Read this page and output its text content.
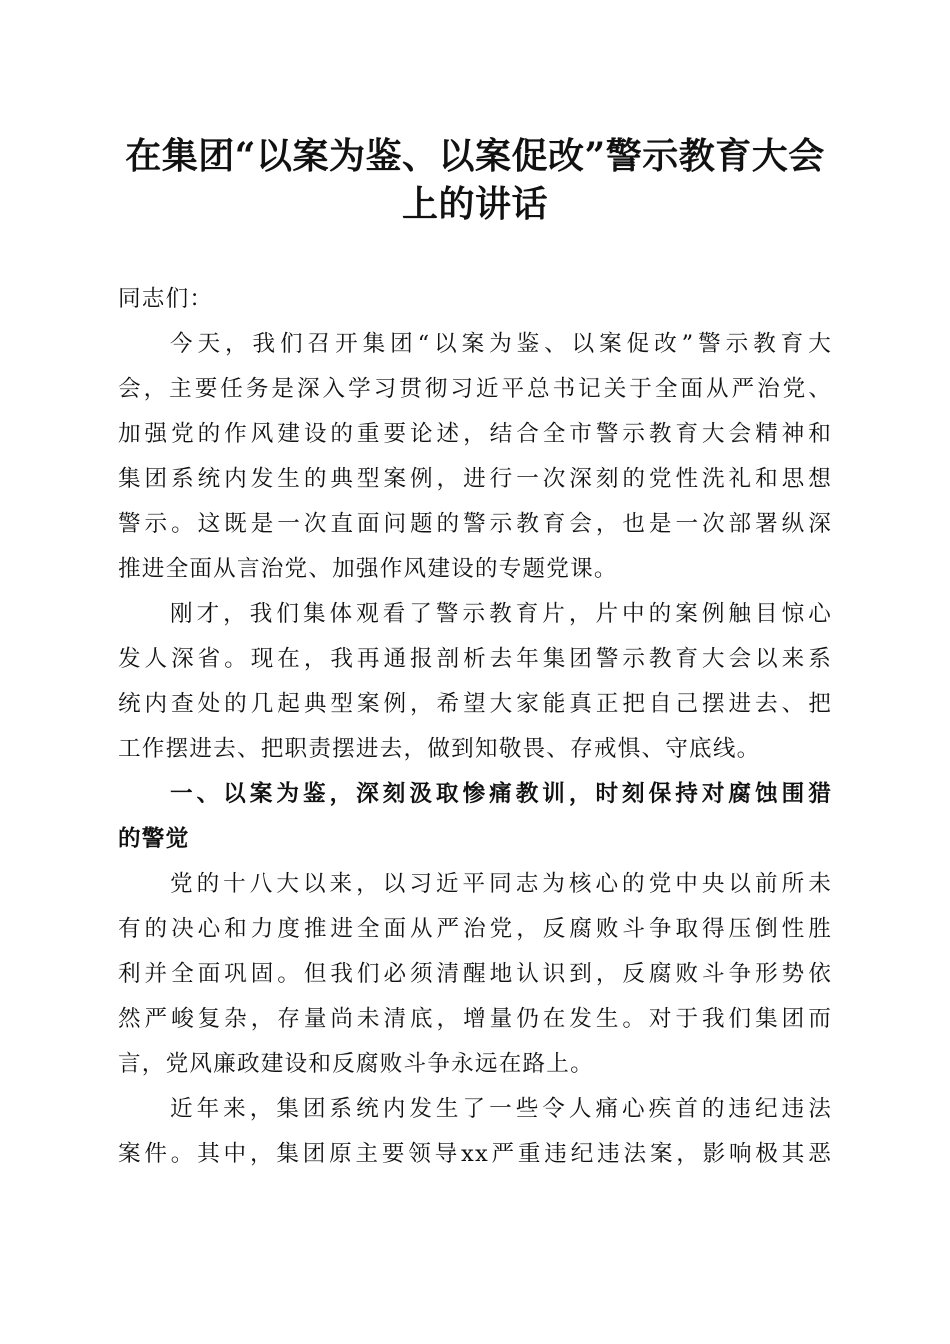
在集团“以案为鉴、以案促改”警示教育大会
上的讲话
同志们：
今天，我们召开集团“以案为鉴、以案促改”警示教育大
会，主要任务是深入学习贯彻习近平总书记关于全面从严治党、
加强党的作风建设的重要论述，结合全市警示教育大会精神和
集团系统内发生的典型案例，进行一次深刻的党性洗礼和思想
警示。这既是一次直面问题的警示教育会，也是一次部署纵深
推进全面从言治党、加强作风建设的专题党课。
刚才，我们集体观看了警示教育片，片中的案例触目惊心
发人深省。现在，我再通报剖析去年集团警示教育大会以来系
统内查处的几起典型案例，希望大家能真正把自己摆进去、把
工作摆进去、把职责摆进去，做到知敬畏、存戒惧、守底线。
一、以案为鉴，深刻汲取惨痛教训，时刻保持对腐蚀围猎
的警觉
党的十八大以来，以习近平同志为核心的党中央以前所未
有的决心和力度推进全面从严治党，反腐败斗争取得压倒性胜
利并全面巩固。但我们必须清醒地认识到，反腐败斗争形势依
然严峻复杂，存量尚未清底，增量仍在发生。对于我们集团而
言，党风廉政建设和反腐败斗争永远在路上。
近年来，集团系统内发生了一些令人痛心疾首的违纪违法
案件。其中，集团原主要领导xx严重违纪违法案，影响极其恶
